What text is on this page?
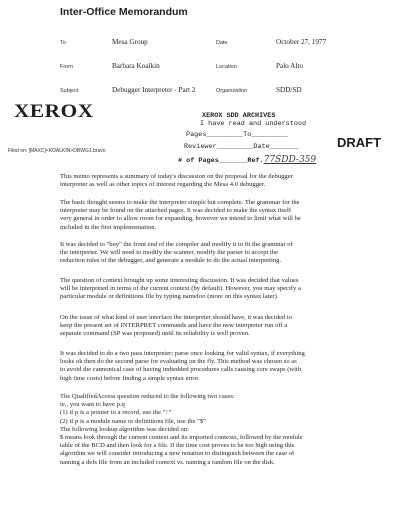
Inter-Office Memorandum
To	Mesa Group	Date	October 27, 1977
From	Barbara Koalkin	Location	Palo Alto
Subject	Debugger Interpreter - Part 2	Organization	SDD/SD
XEROX	XEROX SDD ARCHIVES
I have read and understood
Pages_________To_________
Reviewer_________Date_______
# of Pages_______Ref.77SDD-359
DRAFT
Filed on: [MAXC]<KOALKIN>DBWG1.bravo
This memo represents a summary of today's discussion on the proposal for the debugger
interpreter as well as other topics of interest regarding the Mesa 4.0 debugger.
The basic thought seems to make the interpreter simple but complete. The grammar for the
interpreter may be found on the attached pages. It was decided to make the syntax itself
very general in order to allow room for expanding, however we intend to limit what will be
included in the first implementation.
It was decided to "buy" the front end of the compiler and modify it to fit the grammar of
the interpreter. We will need to modify the scanner, modify the parser to accept the
reduction rules of the debugger, and generate a module to do the actual interpreting.
The question of context brought up some interesting discussion. It was decided that values
will be interpreted in terms of the current context (by default). However, you may specify a
particular module or definitions file by typing namefoo (more on this syntax later).
On the issue of what kind of user interface the interpreter should have, it was decided to
keep the present set of INTERPRET commands and have the new interpreter run off a
separate command (SP was proposed) until its reliability is well proven.
It was decided to do a two pass interpreter; parse once looking for valid syntax, if everything
looks ok then do the second parse for evaluating on the fly. This method was chosen so as
to avoid the cannonical case of having imbedded procedures calls causing core swaps (with
high time costs) before finding a simple syntax error.
The QualifiedAccess question reduced to the following two cases:
ie., you want to have p.q
(1) if p is a pointer to a record, use the "↑"
(2) if p is a module name or definitions file, use the "$"
The following lookup algorithm was decided on:
$ means look through the current context and its imported contexts, followed by the module
table of the BCD and then look for a file. If the time cost proves to be too high using this
algorithm we will consider introducing a new notation to distinguish between the case of
naming a defs file from an included context vs. naming a random file on the disk.
